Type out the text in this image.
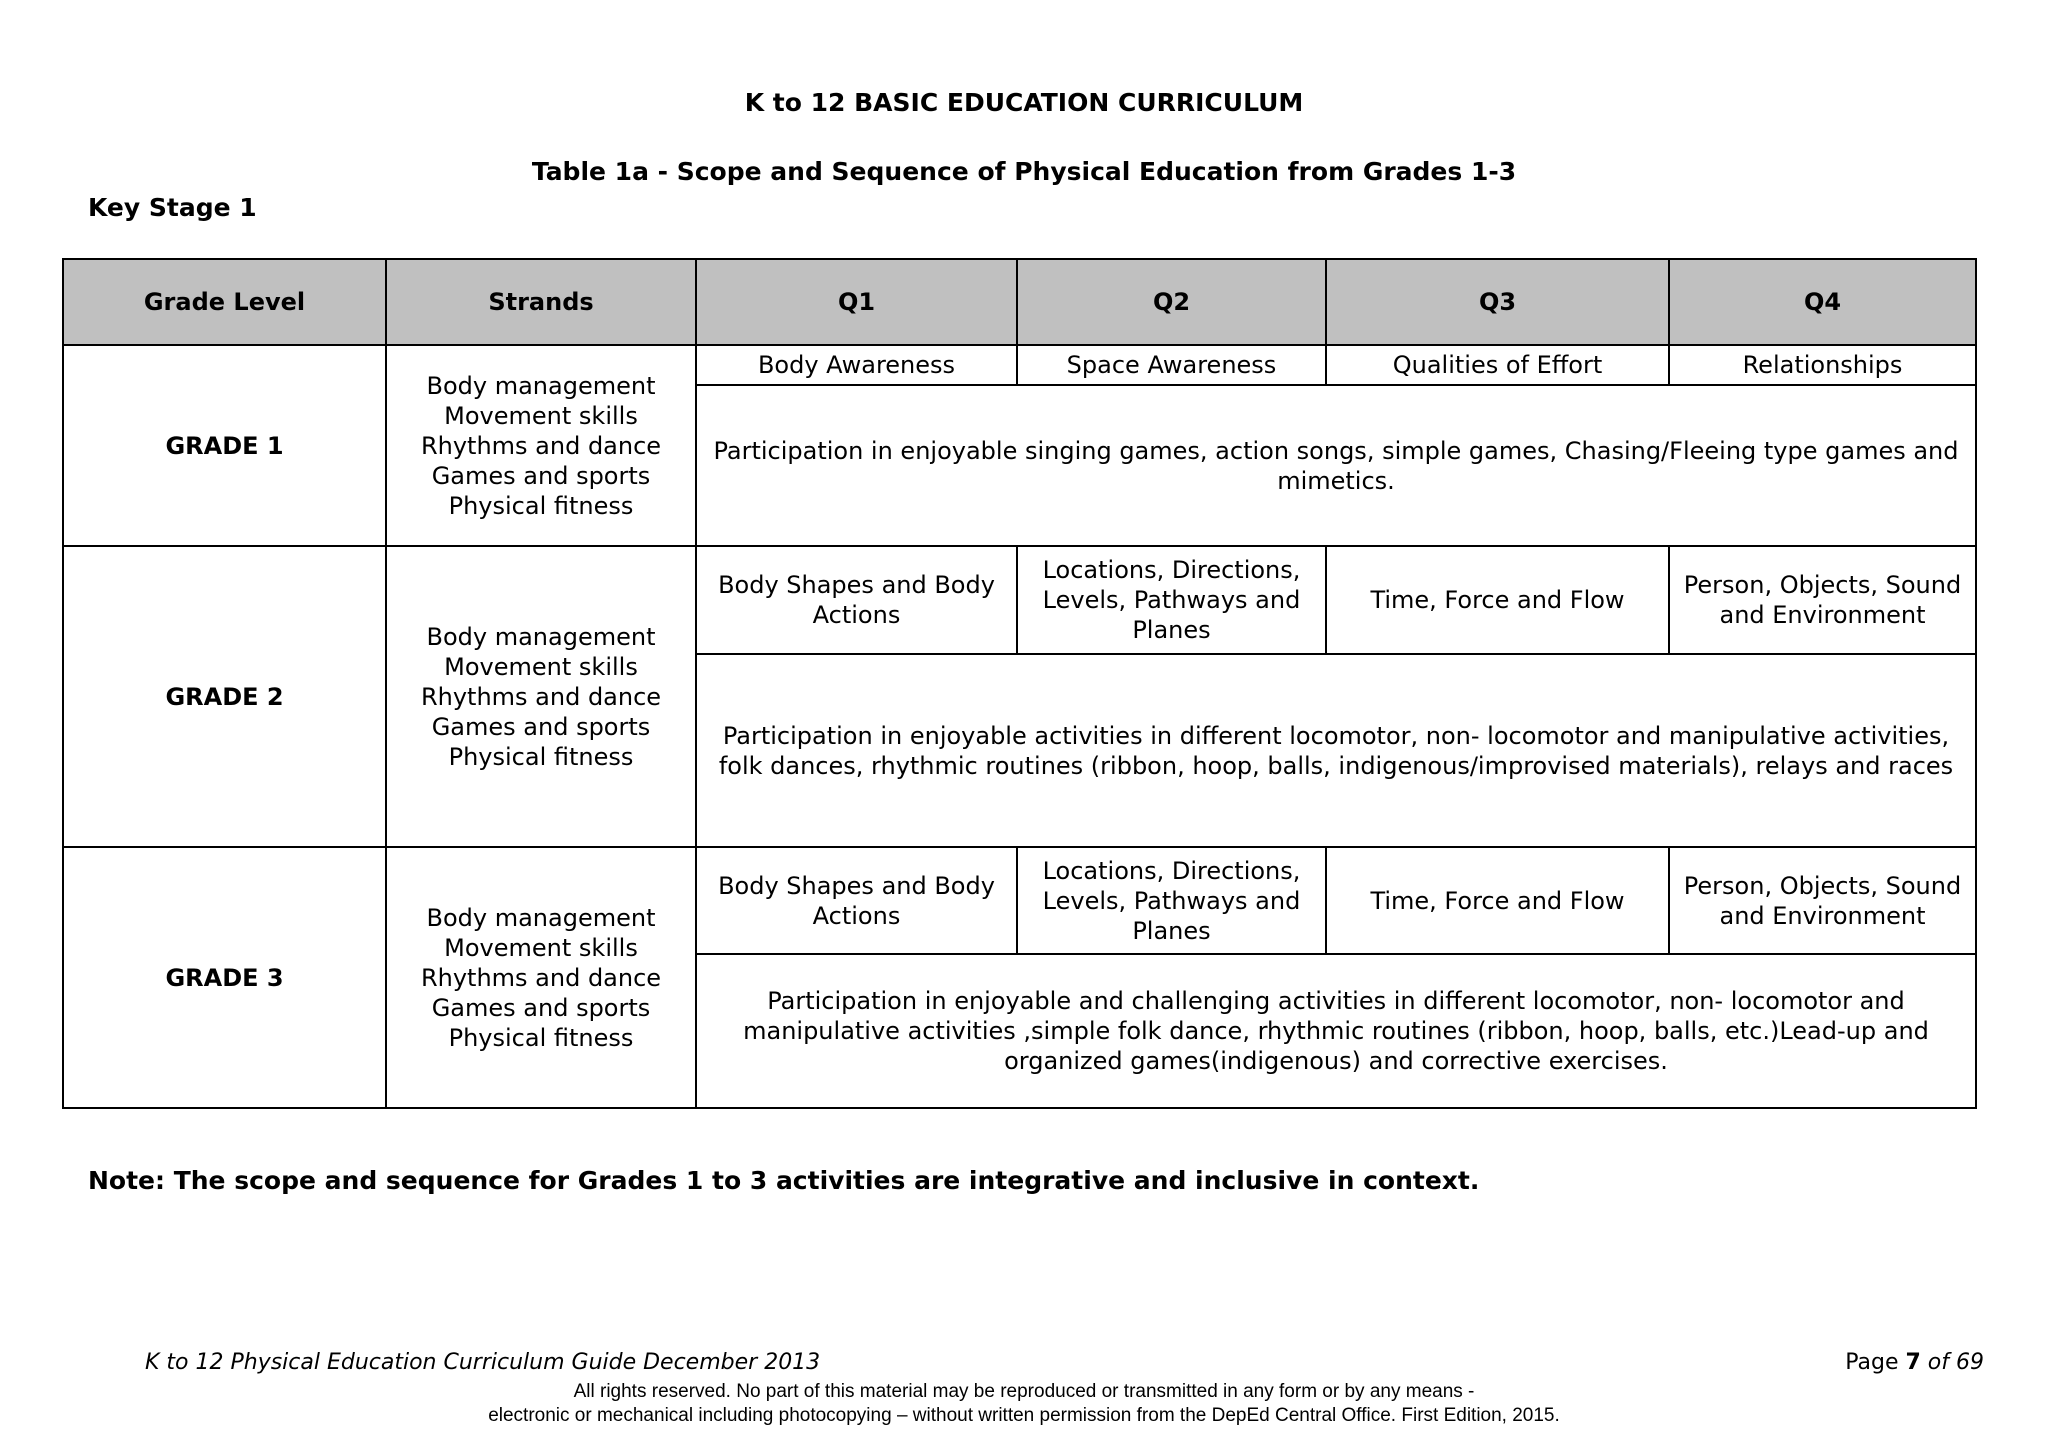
K to 12 BASIC EDUCATION CURRICULUM
Table 1a - Scope and Sequence of Physical Education from Grades 1-3
Key Stage 1
Grade Level	Strands	Q1	Q2	Q3	Q4
GRADE 1	Body management
Movement skills
Rhythms and dance
Games and sports
Physical fitness	Body Awareness	Space Awareness	Qualities of Effort	Relationships
		Participation in enjoyable singing games, action songs, simple games, Chasing/Fleeing type games and mimetics.			
GRADE 2	Body management
Movement skills
Rhythms and dance
Games and sports
Physical fitness	Body Shapes and Body Actions	Locations, Directions, Levels, Pathways and Planes	Time, Force and Flow	Person, Objects, Sound and Environment
		Participation in enjoyable activities in different locomotor, non- locomotor and manipulative activities, folk dances, rhythmic routines (ribbon, hoop, balls, indigenous/improvised materials), relays and races			
GRADE 3	Body management
Movement skills
Rhythms and dance
Games and sports
Physical fitness	Body Shapes and Body Actions	Locations, Directions, Levels, Pathways and Planes	Time, Force and Flow	Person, Objects, Sound and Environment
		Participation in enjoyable and challenging activities in different locomotor, non- locomotor and manipulative activities ,simple folk dance, rhythmic routines (ribbon, hoop, balls, etc.)Lead-up and organized games(indigenous) and corrective exercises.			
Note: The scope and sequence for Grades 1 to 3 activities are integrative and inclusive in context.
K to 12 Physical Education Curriculum Guide December 2013	Page 7 of 69
All rights reserved. No part of this material may be reproduced or transmitted in any form or by any means -
electronic or mechanical including photocopying – without written permission from the DepEd Central Office. First Edition, 2015.
